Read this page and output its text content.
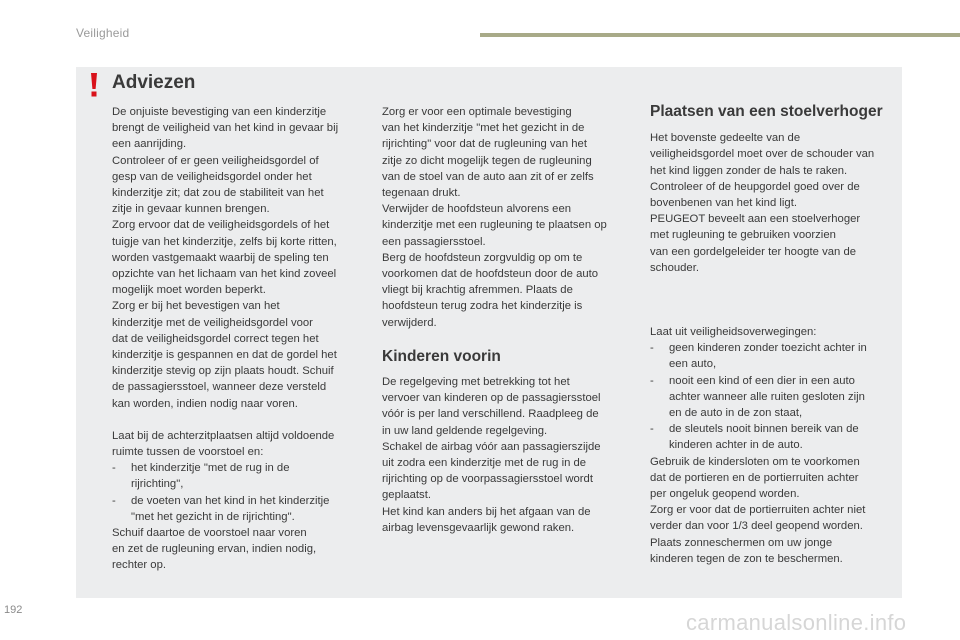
Veiligheid
Adviezen

De onjuiste bevestiging van een kinderzitje

brengt de veiligheid van het kind in gevaar bij

een aanrijding.

Controleer of er geen veiligheidsgordel of

gesp van de veiligheidsgordel onder het

kinderzitje zit; dat zou de stabiliteit van het

zitje in gevaar kunnen brengen.

Zorg ervoor dat de veiligheidsgordels of het

tuigje van het kinderzitje, zelfs bij korte ritten,

worden vastgemaakt waarbij de speling ten

opzichte van het lichaam van het kind zoveel

mogelijk moet worden beperkt.

Zorg er bij het bevestigen van het

kinderzitje met de veiligheidsgordel voor

dat de veiligheidsgordel correct tegen het

kinderzitje is gespannen en dat de gordel het

kinderzitje stevig op zijn plaats houdt. Schuif

de passagiersstoel, wanneer deze versteld

kan worden, indien nodig naar voren.

Laat bij de achterzitplaatsen altijd voldoende

ruimte tussen de voorstoel en:

- het kinderzitje "met de rug in de
rijrichting",
- de voeten van het kind in het kinderzitje
"met het gezicht in de rijrichting".

Schuif daartoe de voorstoel naar voren

en zet de rugleuning ervan, indien nodig,

rechter op.

Zorg er voor een optimale bevestiging

van het kinderzitje "met het gezicht in de

rijrichting" voor dat de rugleuning van het

zitje zo dicht mogelijk tegen de rugleuning

van de stoel van de auto aan zit of er zelfs

tegenaan drukt.

Verwijder de hoofdsteun alvorens een

kinderzitje met een rugleuning te plaatsen op

een passagiersstoel.

Berg de hoofdsteun zorgvuldig op om te

voorkomen dat de hoofdsteun door de auto

vliegt bij krachtig afremmen. Plaats de

hoofdsteun terug zodra het kinderzitje is

verwijderd.

Kinderen voorin

De regelgeving met betrekking tot het

vervoer van kinderen op de passagiersstoel

vóór is per land verschillend. Raadpleeg de

in uw land geldende regelgeving.

Schakel de airbag vóór aan passagierszijde

uit zodra een kinderzitje met de rug in de

rijrichting op de voorpassagiersstoel wordt

geplaatst.

Het kind kan anders bij het afgaan van de

airbag levensgevaarlijk gewond raken.

Plaatsen van een stoelverhoger

Het bovenste gedeelte van de

veiligheidsgordel moet over de schouder van

het kind liggen zonder de hals te raken.

Controleer of de heupgordel goed over de

bovenbenen van het kind ligt.

PEUGEOT beveelt aan een stoelverhoger

met rugleuning te gebruiken voorzien

van een gordelgeleider ter hoogte van de

schouder.

Laat uit veiligheidsoverwegingen:

- geen kinderen zonder toezicht achter in
een auto,
- nooit een kind of een dier in een auto
achter wanneer alle ruiten gesloten zijn
en de auto in de zon staat,
- de sleutels nooit binnen bereik van de
kinderen achter in de auto.

Gebruik de kindersloten om te voorkomen

dat de portieren en de portierruiten achter

per ongeluk geopend worden.

Zorg er voor dat de portierruiten achter niet

verder dan voor 1/3 deel geopend worden.

Plaats zonneschermen om uw jonge

kinderen tegen de zon te beschermen.

192	carmanualsonline.info
